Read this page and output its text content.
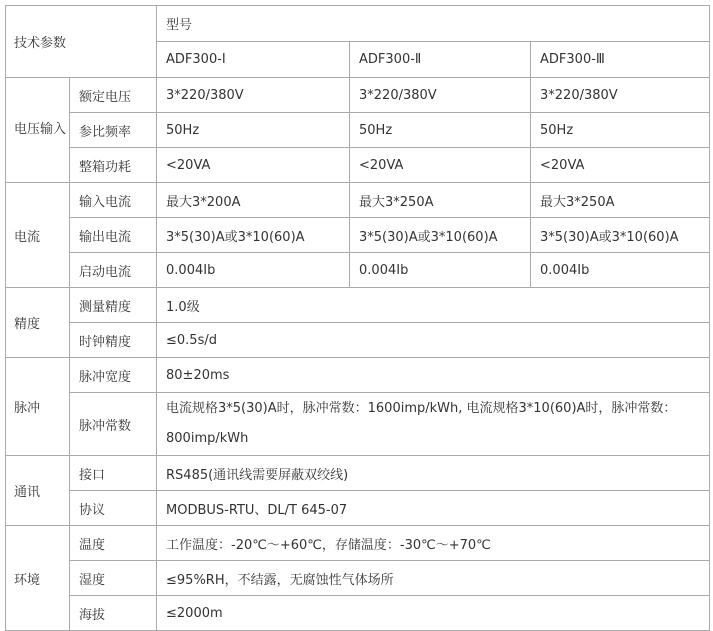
技术参数		型号		
		ADF300-Ⅰ	ADF300-Ⅱ	ADF300-Ⅲ
电压输入	额定电压	3*220/380V	3*220/380V	3*220/380V
	参比频率	50Hz	50Hz	50Hz
	整箱功耗	<20VA	<20VA	<20VA
电流	输入电流	最大3*200A	最大3*250A	最大3*250A
	输出电流	3*5(30)A或3*10(60)A	3*5(30)A或3*10(60)A	3*5(30)A或3*10(60)A
	启动电流	0.004Ib	0.004Ib	0.004Ib
精度	测量精度	1.0级		
	时钟精度	≤0.5s/d		
脉冲	脉冲宽度	80±20ms		
	脉冲常数	电流规格3*5(30)A时，脉冲常数：1600imp/kWh, 电流规格3*10(60)A时，脉冲常数：800imp/kWh		
通讯	接口	RS485(通讯线需要屏蔽双绞线)		
	协议	MODBUS-RTU、DL/T 645-07		
环境	温度	工作温度：-20℃～+60℃，存储温度：-30℃～+70℃		
	湿度	≤95%RH，不结露，无腐蚀性气体场所		
	海拔	≤2000m		
